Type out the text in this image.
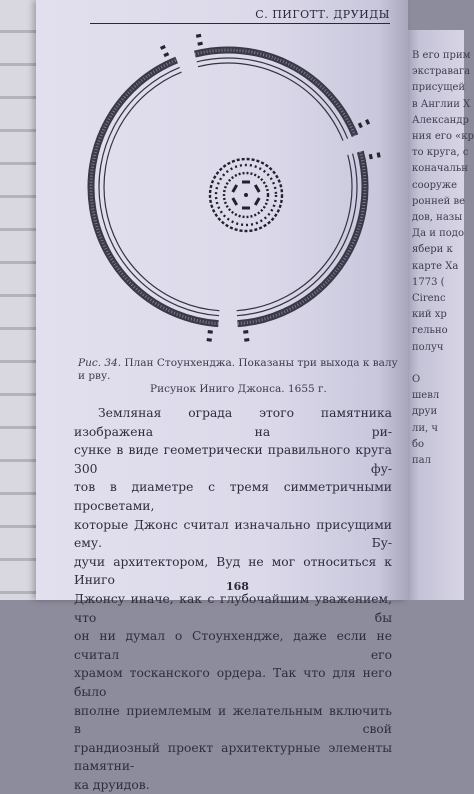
В его прим
экстравага
присущей
в Англии X
Александр
ния его «кр
то круга, с
коначальн
сооруже
ронней ве
дов, назы
Да и подо
ябери к
карте Ха
1773 (
Cirenc
кий хр
гельно
получ

О
шевл
друи
ли, ч
бо
пал
С. ПИГОТТ. ДРУИДЫ
Рис. 34. План Стоунхенджа. Показаны три выхода к валу и рву.
Рисунок Иниго Джонса. 1655 г.

Земляная ограда этого памятника изображена на ри-
сунке в виде геометрически правильного круга 300 фу-
тов в диаметре с тремя симметричными просветами,
которые Джонс считал изначально присущими ему. Бу-
дучи архитектором, Вуд не мог относиться к Иниго
Джонсу иначе, как с глубочайшим уважением, что бы
он ни думал о Стоунхендже, даже если не считал его
храмом тосканского ордера. Так что для него было
вполне приемлемым и желательным включить в свой
грандиозный проект архитектурные элементы памятни-
ка друидов.

168
